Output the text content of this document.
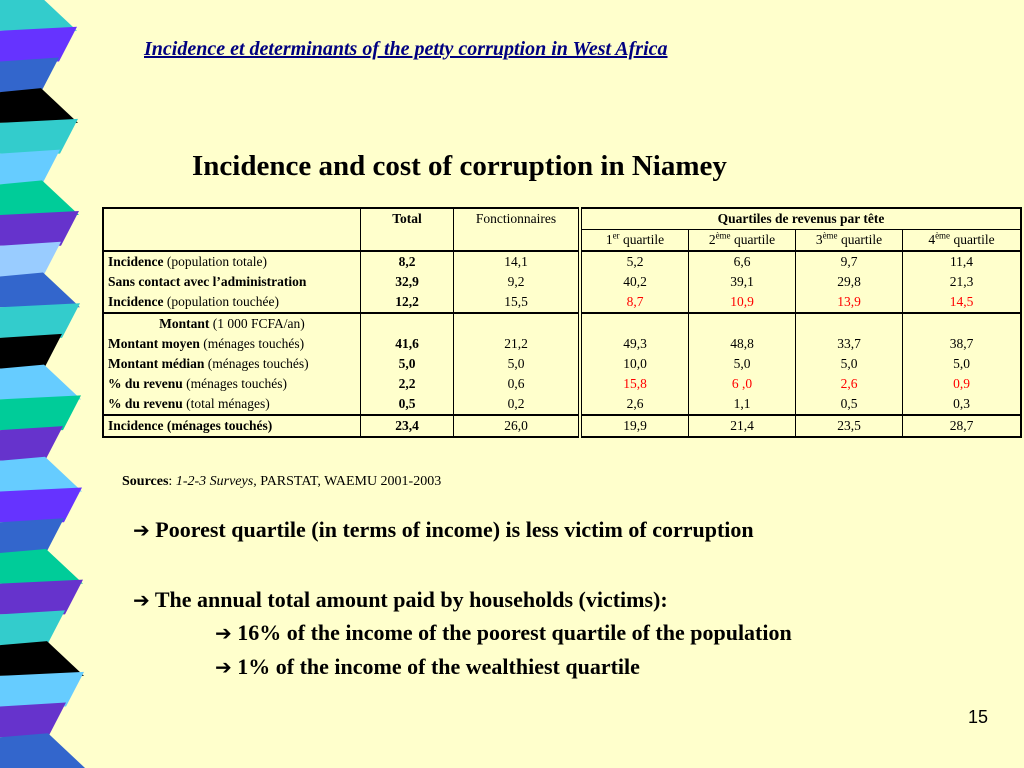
Incidence et determinants of the petty corruption in West Africa
Incidence and cost of corruption in Niamey
	Total	Fonctionnaires	Quartiles de revenus par tête			
			1er quartile	2ème quartile	3ème quartile	4ème quartile
Incidence (population totale)	8,2	14,1	5,2	6,6	9,7	11,4
Sans contact avec l’administration	32,9	9,2	40,2	39,1	29,8	21,3
Incidence (population touchée)	12,2	15,5	8,7	10,9	13,9	14,5
Montant (1 000 FCFA/an)						
Montant moyen (ménages touchés)	41,6	21,2	49,3	48,8	33,7	38,7
Montant médian (ménages touchés)	5,0	5,0	10,0	5,0	5,0	5,0
% du revenu (ménages touchés)	2,2	0,6	15,8	6 ,0	2,6	0,9
% du revenu (total ménages)	0,5	0,2	2,6	1,1	0,5	0,3
Incidence (ménages touchés)	23,4	26,0	19,9	21,4	23,5	28,7
Sources: 1-2-3 Surveys, PARSTAT, WAEMU 2001-2003
➔ Poorest quartile (in terms of income) is less victim of corruption
➔ The annual total amount paid by households (victims):
➔ 16% of the income of the poorest quartile of the population
➔ 1% of the income of the wealthiest quartile
15
